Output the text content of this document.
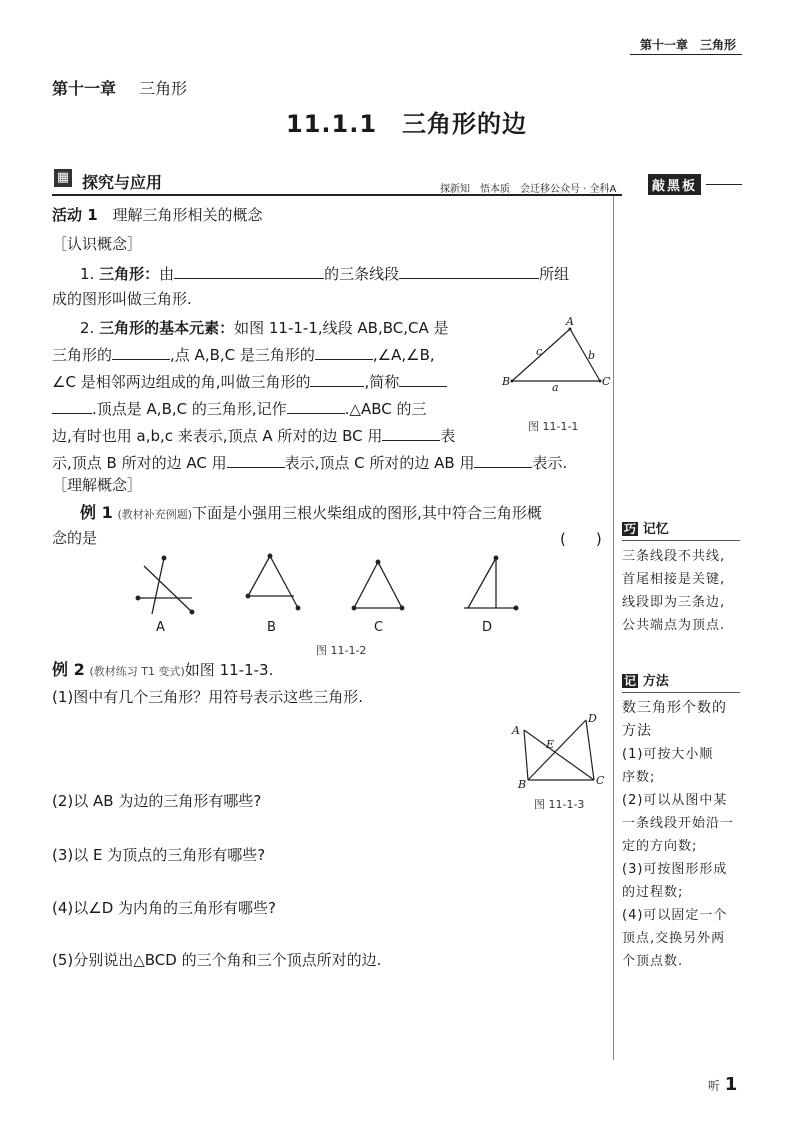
第十一章　三角形
第十一章 三角形
11.1.1　三角形的边
▦ 探究与应用	探新知　悟本质　会迁移公众号 · 全科A	敲黑板
活动 1 理解三角形相关的概念
［认识概念］
1. 三角形：由	的三条线段	所组
成的图形叫做三角形.
2. 三角形的基本元素：如图 11-1-1,线段 AB,BC,CA 是
三角形的	,点 A,B,C 是三角形的	,∠A,∠B,
∠C 是相邻两边组成的角,叫做三角形的	,简称
.顶点是 A,B,C 的三角形,记作	.△ABC 的三
边,有时也用 a,b,c 来表示,顶点 A 所对的边 BC 用	表
示,顶点 B 所对的边 AC 用	表示,顶点 C 所对的边 AB 用	表示.
A
B	C
a
b
c
图 11-1-1
［理解概念］
例 1 (教材补充例题)下面是小强用三根火柴组成的图形,其中符合三角形概
念的是	(　　)
A	B	C	D
图 11-1-2
例 2 (教材练习 T1 变式)如图 11-1-3.
(1)图中有几个三角形？用符号表示这些三角形.
A
B	C
D
E
图 11-1-3
(2)以 AB 为边的三角形有哪些?
(3)以 E 为顶点的三角形有哪些?
(4)以∠D 为内角的三角形有哪些?
(5)分别说出△BCD 的三个角和三个顶点所对的边.
巧 记忆
三条线段不共线,
首尾相接是关键,
线段即为三条边,
公共端点为顶点.
记 方法
数三角形个数的
方法
(1)可按大小顺
序数;
(2)可以从图中某
一条线段开始沿一
定的方向数;
(3)可按图形形成
的过程数;
(4)可以固定一个
顶点,交换另外两
个顶点数.
听 1
